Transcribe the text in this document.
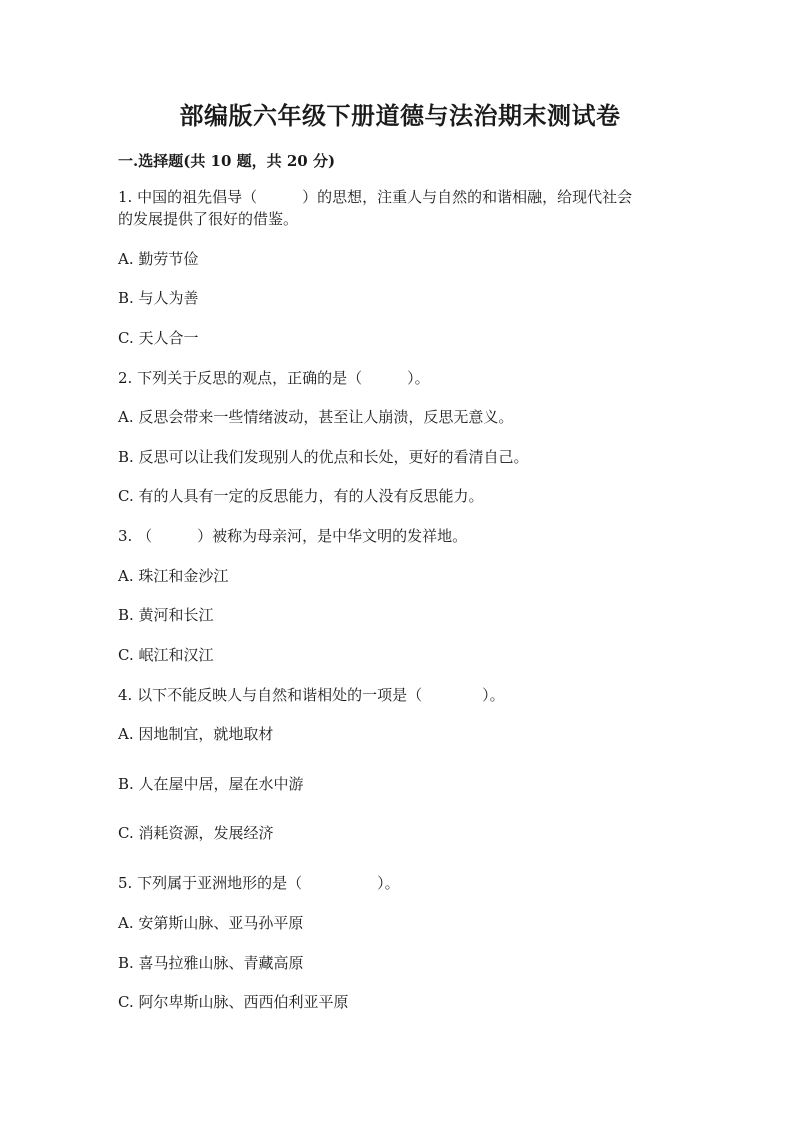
部编版六年级下册道德与法治期末测试卷
一.选择题(共 10 题，共 20 分)
1. 中国的祖先倡导（　　　）的思想，注重人与自然的和谐相融，给现代社会
的发展提供了很好的借鉴。
A. 勤劳节俭
B. 与人为善
C. 天人合一
2. 下列关于反思的观点，正确的是（　　　）。
A. 反思会带来一些情绪波动，甚至让人崩溃，反思无意义。
B. 反思可以让我们发现别人的优点和长处，更好的看清自己。
C. 有的人具有一定的反思能力，有的人没有反思能力。
3. （　　　）被称为母亲河，是中华文明的发祥地。
A. 珠江和金沙江
B. 黄河和长江
C. 岷江和汉江
4. 以下不能反映人与自然和谐相处的一项是（　　　　）。
A. 因地制宜，就地取材
B. 人在屋中居，屋在水中游
C. 消耗资源，发展经济
5. 下列属于亚洲地形的是（　　　　　）。
A. 安第斯山脉、亚马孙平原
B. 喜马拉雅山脉、青藏高原
C. 阿尔卑斯山脉、西西伯利亚平原
